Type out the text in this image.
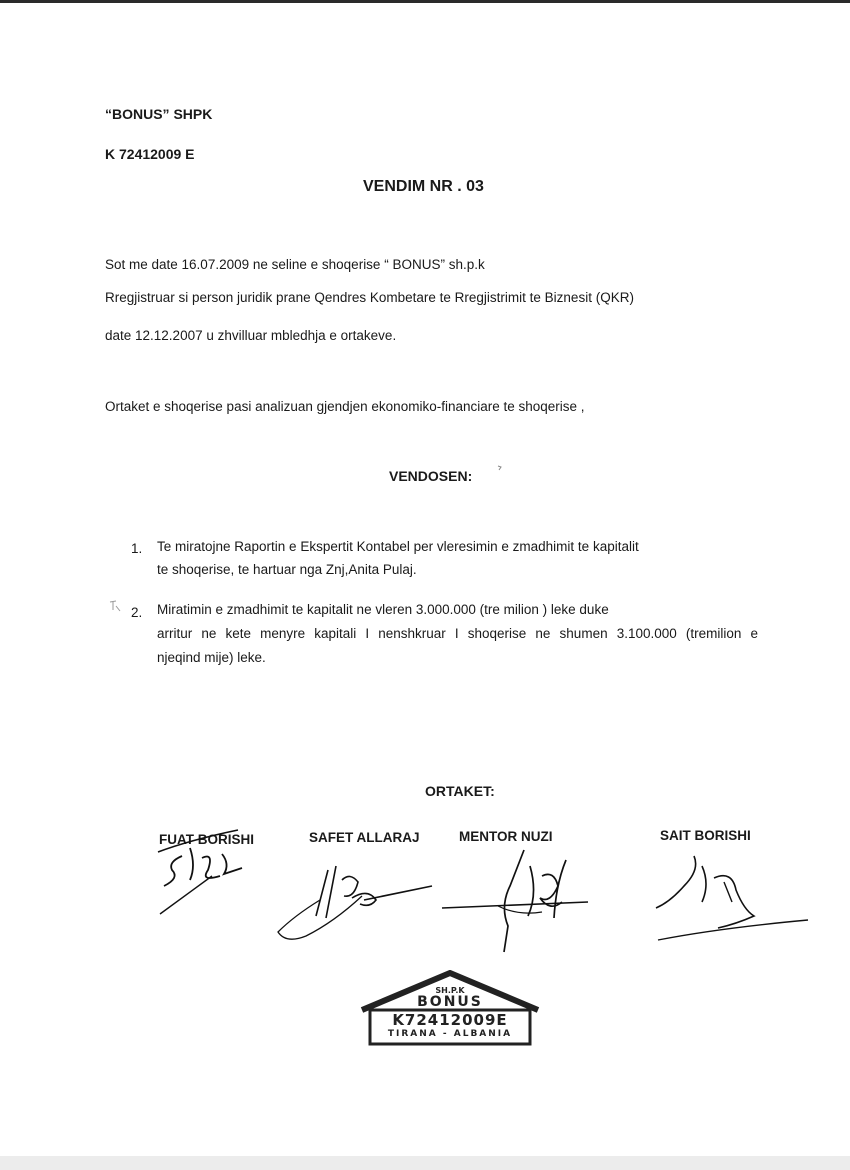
“BONUS” SHPK
K 72412009 E
VENDIM NR . 03
Sot me date 16.07.2009 ne seline e shoqerise “ BONUS” sh.p.k
Rregjistruar si person juridik prane Qendres Kombetare te Rregjistrimit te Biznesit (QKR)
date 12.12.2007 u zhvilluar mbledhja e ortakeve.
Ortaket e shoqerise pasi analizuan gjendjen ekonomiko-financiare te shoqerise ,
VENDOSEN:
1. Te miratojne Raportin e Ekspertit Kontabel per vleresimin e zmadhimit te kapitalit
te shoqerise, te hartuar nga Znj,Anita Pulaj.
2. Miratimin e zmadhimit te kapitalit ne vleren 3.000.000 (tre milion ) leke duke
arritur ne kete menyre kapitali I nenshkruar I shoqerise ne shumen 3.100.000 (tremilion e
njeqind mije) leke.
ORTAKET:
FUAT BORISHI	SAFET ALLARAJ	MENTOR NUZI	SAIT BORISHI
SH.P.K
BONUS
K72412009E
TIRANA - ALBANIA
